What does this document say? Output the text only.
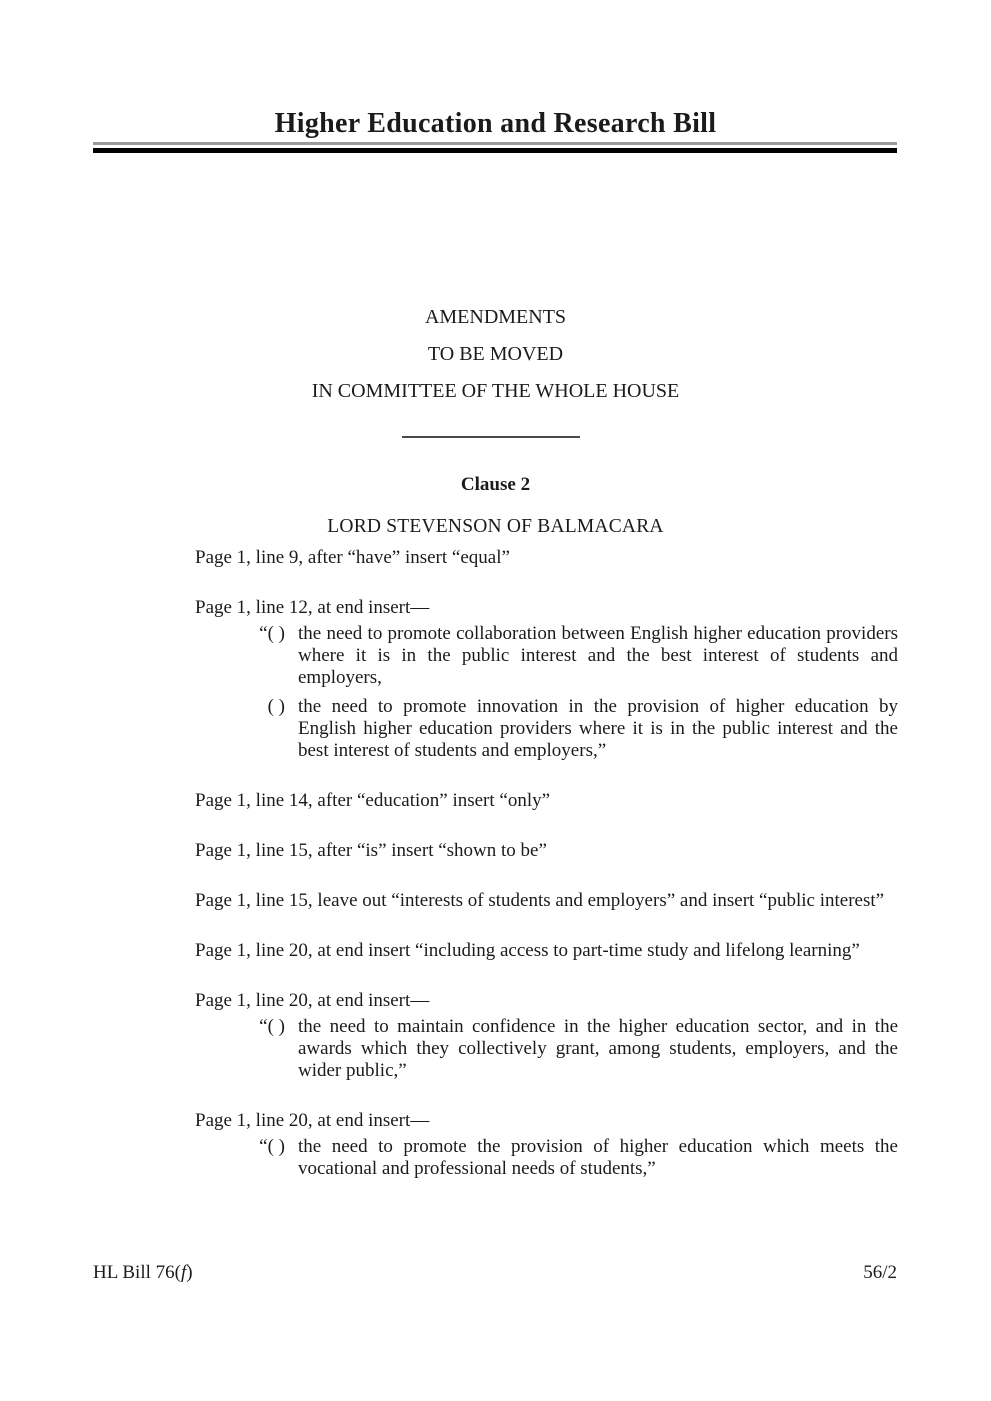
Higher Education and Research Bill

AMENDMENTS

TO BE MOVED

IN COMMITTEE OF THE WHOLE HOUSE

Clause 2
LORD STEVENSON OF BALMACARA

Page 1, line 9, after “have” insert “equal”

Page 1, line 12, at end insert—

“( ) the need to promote collaboration between English higher education providers where it is in the public interest and the best interest of students and employers,
( ) the need to promote innovation in the provision of higher education by English higher education providers where it is in the public interest and the best interest of students and employers,”

Page 1, line 14, after “education” insert “only”

Page 1, line 15, after “is” insert “shown to be”

Page 1, line 15, leave out “interests of students and employers” and insert “public interest”

Page 1, line 20, at end insert “including access to part-time study and lifelong learning”

Page 1, line 20, at end insert—

“( ) the need to maintain confidence in the higher education sector, and in the awards which they collectively grant, among students, employers, and the wider public,”

Page 1, line 20, at end insert—

“( ) the need to promote the provision of higher education which meets the vocational and professional needs of students,”
HL Bill 76(f)	56/2
